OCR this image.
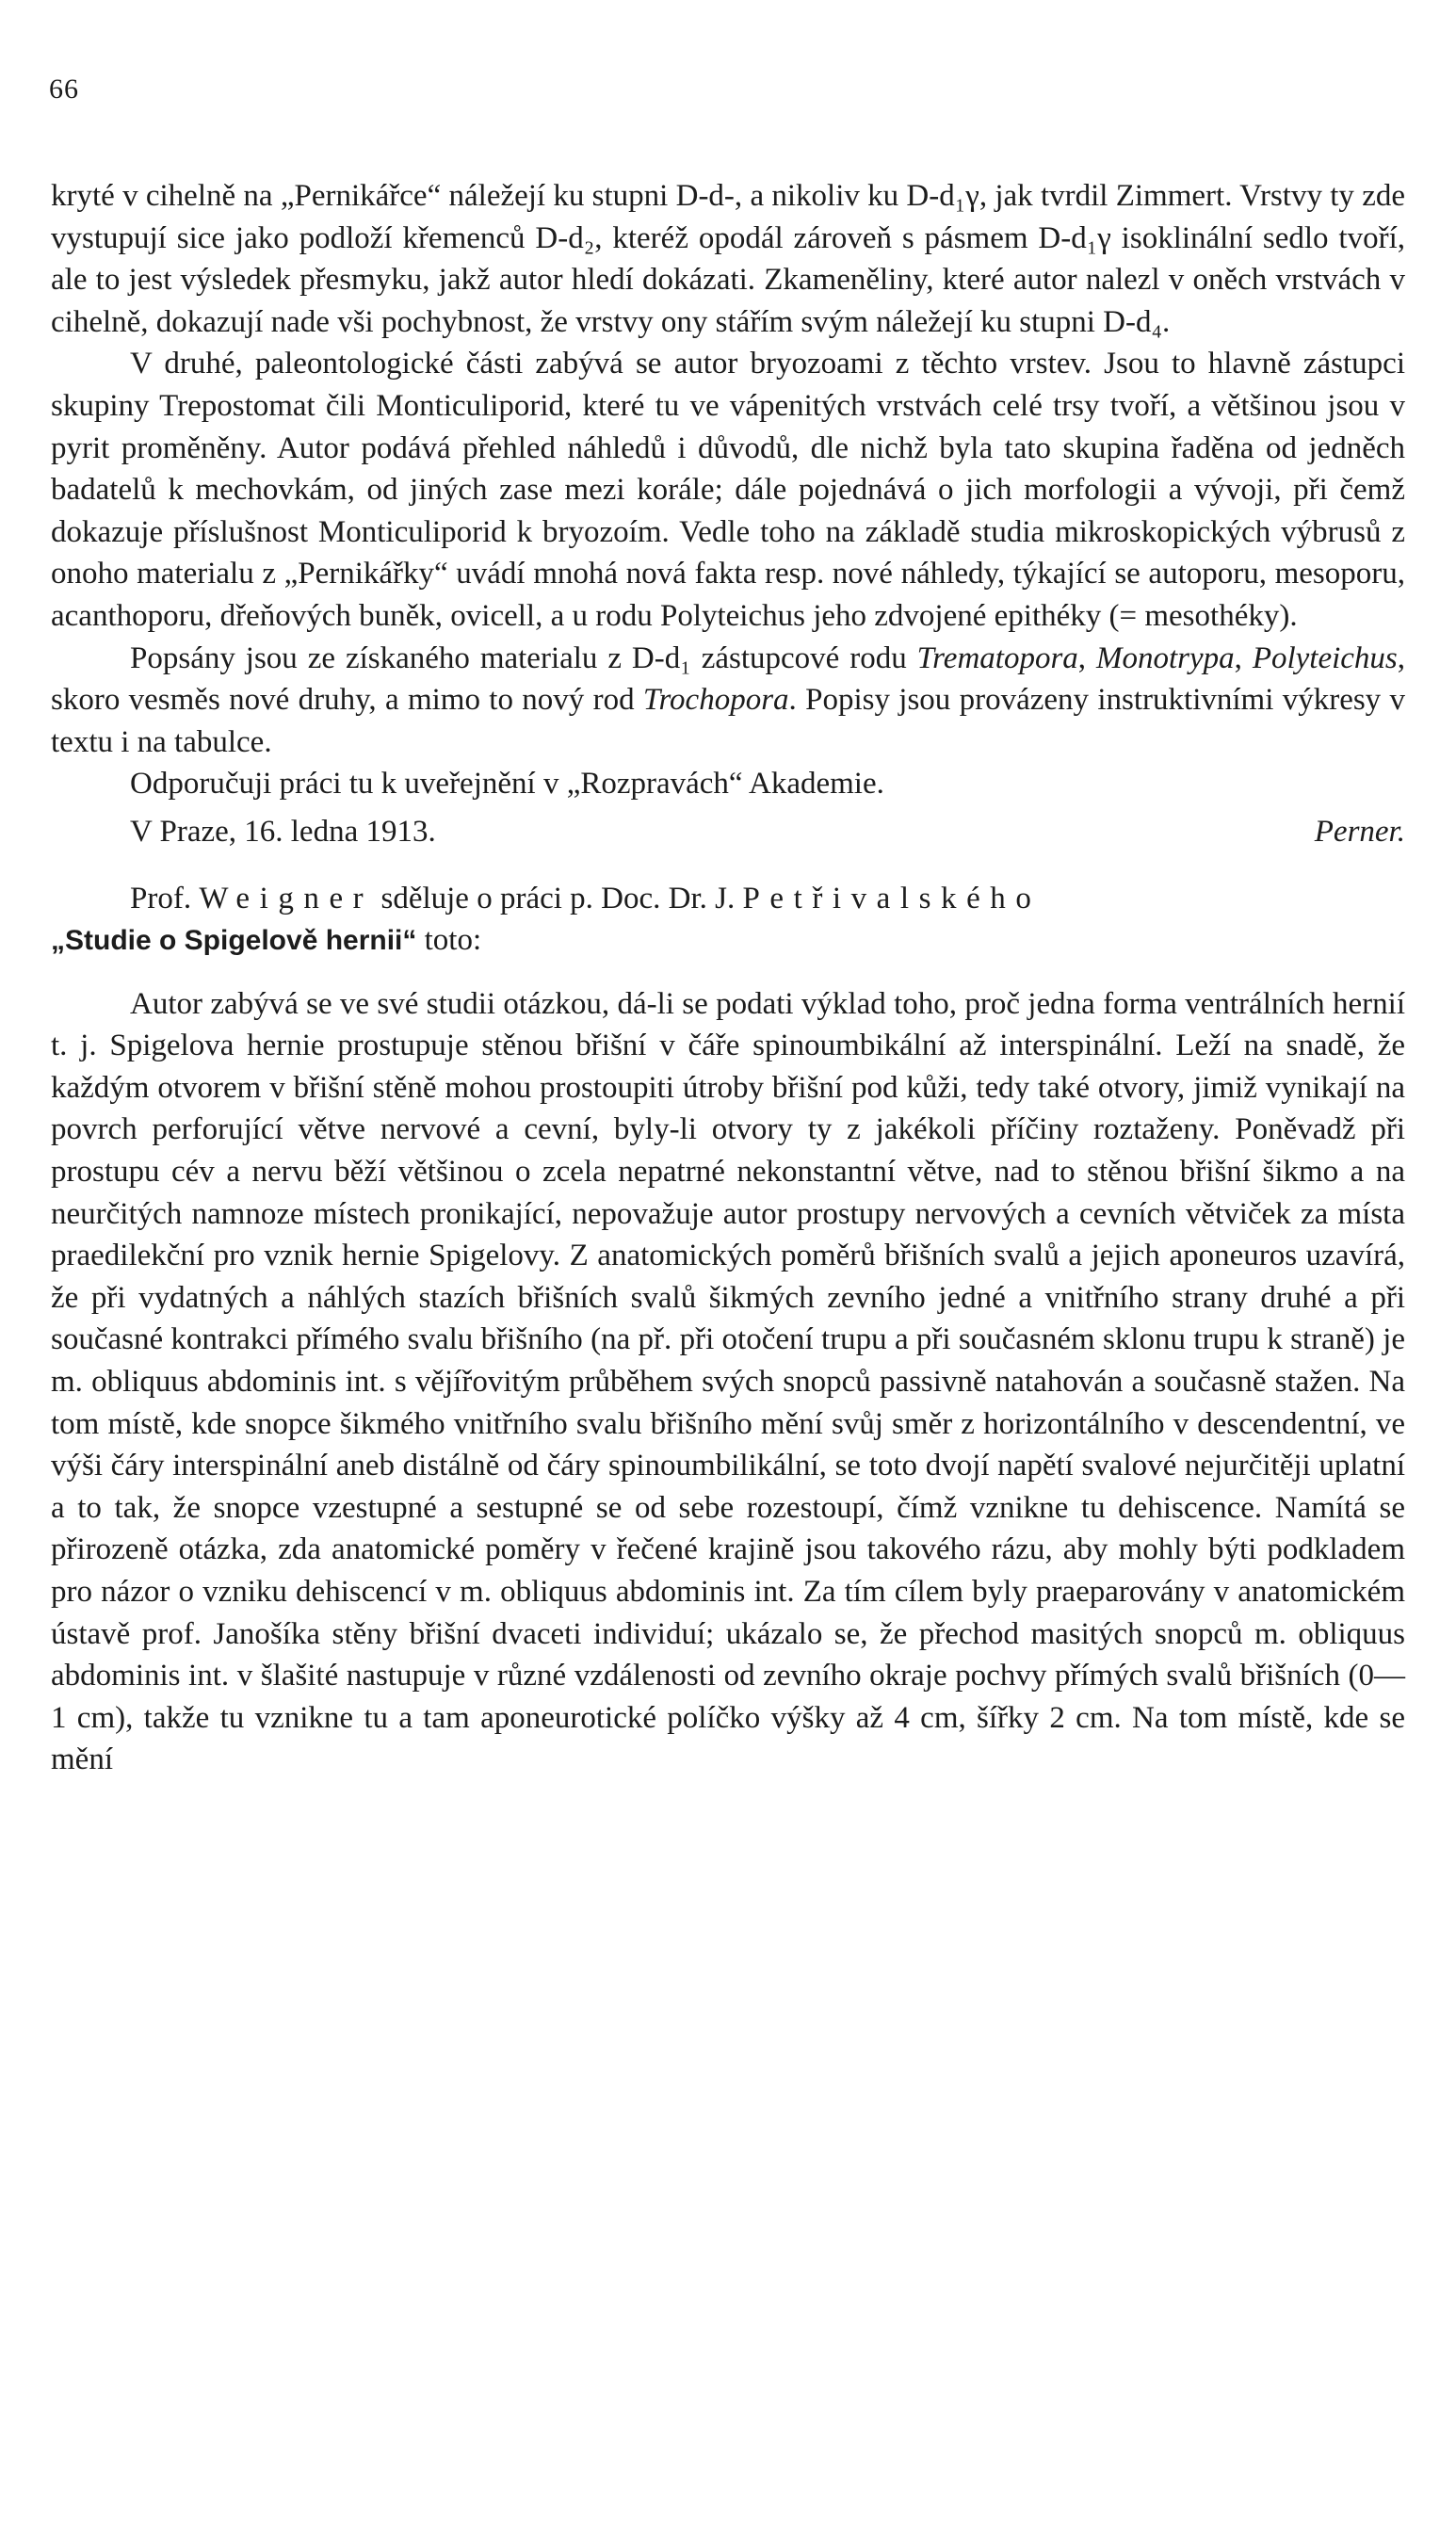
66

kryté v cihelně na „Pernikářce“ náležejí ku stupni D-d-, a nikoliv ku D-d₁γ, jak tvrdil Zimmert. Vrstvy ty zde vystupují sice jako podloží křemenců D-d₂, kteréž opodál zároveň s pásmem D-d₁γ isoklinální sedlo tvoří, ale to jest výsledek přesmyku, jakž autor hledí dokázati. Zkameněliny, které autor nalezl v oněch vrstvách v cihelně, dokazují nade vši pochybnost, že vrstvy ony stářím svým náležejí ku stupni D-d₄.

V druhé, paleontologické části zabývá se autor bryozoami z těchto vrstev. Jsou to hlavně zástupci skupiny Trepostomat čili Monticuliporid, které tu ve vápenitých vrstvách celé trsy tvoří, a většinou jsou v pyrit proměněny. Autor podává přehled náhledů i důvodů, dle nichž byla tato skupina řaděna od jedněch badatelů k mechovkám, od jiných zase mezi korále; dále pojednává o jich morfologii a vývoji, při čemž dokazuje příslušnost Monticuliporid k bryozoím. Vedle toho na základě studia mikroskopických výbrusů z onoho materialu z „Pernikářky“ uvádí mnohá nová fakta resp. nové náhledy, týkající se autoporu, mesoporu, acanthoporu, dřeňových buněk, ovicell, a u rodu Polyteichus jeho zdvojené epithéky (= mesothéky).

Popsány jsou ze získaného materialu z D-d₁ zástupcové rodu Trematopora, Monotrypa, Polyteichus, skoro vesměs nové druhy, a mimo to nový rod Trochopora. Popisy jsou provázeny instruktivními výkresy v textu i na tabulce.

Odporučuji práci tu k uveřejnění v „Rozpravách“ Akademie.

V Praze, 16. ledna 1913.	Perner.

Prof. Weigner sděluje o práci p. Doc. Dr. J. Petřivalského
„Studie o Spigelově hernii“ toto:

Autor zabývá se ve své studii otázkou, dá-li se podati výklad toho, proč jedna forma ventrálních hernií t. j. Spigelova hernie prostupuje stěnou břišní v čáře spinoumbikální až interspinální. Leží na snadě, že každým otvorem v břišní stěně mohou prostoupiti útroby břišní pod kůži, tedy také otvory, jimiž vynikají na povrch perforující větve nervové a cevní, byly-li otvory ty z jakékoli příčiny roztaženy. Poněvadž při prostupu cév a nervu běží většinou o zcela nepatrné nekonstantní větve, nad to stěnou břišní šikmo a na neurčitých namnoze místech pronikající, nepovažuje autor prostupy nervových a cevních větviček za místa praedilekční pro vznik hernie Spigelovy. Z anatomických poměrů břišních svalů a jejich aponeuros uzavírá, že při vydatných a náhlých stazích břišních svalů šikmých zevního jedné a vnitřního strany druhé a při současné kontrakci přímého svalu břišního (na př. při otočení trupu a při současném sklonu trupu k straně) je m. obliquus abdominis int. s vějířovitým průběhem svých snopců passivně natahován a současně stažen. Na tom místě, kde snopce šikmého vnitřního svalu břišního mění svůj směr z horizontálního v descendentní, ve výši čáry interspinální aneb distálně od čáry spinoumbilikální, se toto dvojí napětí svalové nejurčitěji uplatní a to tak, že snopce vzestupné a sestupné se od sebe rozestoupí, čímž vznikne tu dehiscence. Namítá se přirozeně otázka, zda anatomické poměry v řečené krajině jsou takového rázu, aby mohly býti podkladem pro názor o vzniku dehiscencí v m. obliquus abdominis int. Za tím cílem byly praeparovány v anatomickém ústavě prof. Janošíka stěny břišní dvaceti individuí; ukázalo se, že přechod masitých snopců m. obliquus abdominis int. v šlašité nastupuje v různé vzdálenosti od zevního okraje pochvy přímých svalů břišních (0—1 cm), takže tu vznikne tu a tam aponeurotické políčko výšky až 4 cm, šířky 2 cm. Na tom místě, kde se mění
